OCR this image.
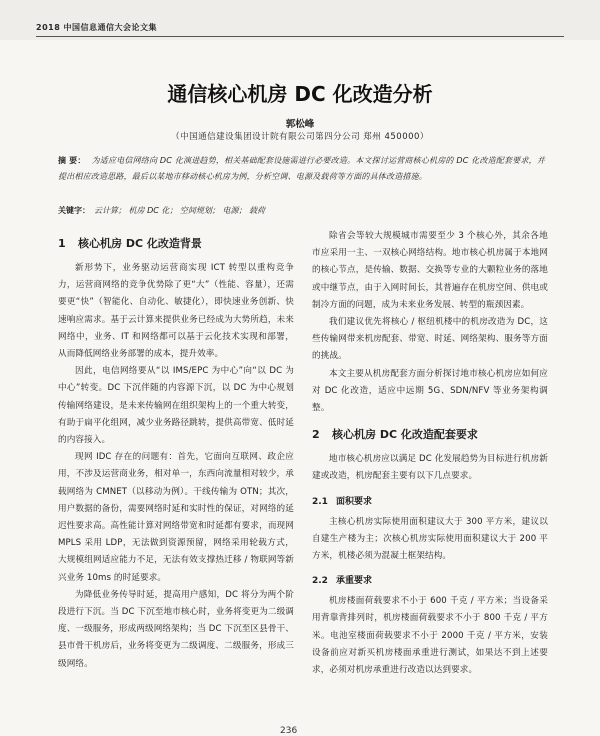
2018 中国信息通信大会论文集
通信核心机房 DC 化改造分析
郭松峰
（中国通信建设集团设计院有限公司第四分公司 郑州 450000）
摘 要： 为适应电信网络向 DC 化演进趋势，相关基础配套设施需进行必要改造。本文探讨运营商核心机房的 DC 化改造配套要求，并提出相应改造思路，最后以某地市移动核心机房为例，分析空调、电源及载荷等方面的具体改造措施。
关键字： 云计算； 机房 DC 化； 空间规划； 电源； 载荷
1 核心机房 DC 化改造背景

新形势下，业务驱动运营商实现 ICT 转型以重构竞争力，运营商网络的竞争优势除了更“大”（性能、容量），还需要更“快”（智能化、自动化、敏捷化），即快速业务创新、快速响应需求。基于云计算来提供业务已经成为大势所趋，未来网络中，业务、IT 和网络都可以基于云化技术实现和部署，从而降低网络业务部署的成本，提升效率。

因此，电信网络要从“以 IMS/EPC 为中心”向“以 DC 为中心”转变。DC 下沉伴随的内容源下沉，以 DC 为中心规划传输网络建设，是未来传输网在组织架构上的一个重大转变，有助于扁平化组网，减少业务路径跳转，提供高带宽、低时延的内容接入。

现网 IDC 存在的问题有：首先，它面向互联网、政企应用，不涉及运营商业务，相对单一，东西向流量相对较少，承载网络为 CMNET（以移动为例）。干线传输为 OTN；其次，用户数据的备份，需要网络时延和实时性的保证，对网络的延迟性要求高。高性能计算对网络带宽和时延都有要求，而现网 MPLS 采用 LDP，无法做到资源预留，网络采用轮载方式，大规模组网适应能力不足，无法有效支撑热迁移 / 物联网等新兴业务 10ms 的时延要求。

为降低业务传导时延，提高用户感知，DC 将分为两个阶段进行下沉。当 DC 下沉至地市核心时，业务将变更为二级调度、一级服务，形成两级网络架构；当 DC 下沉至区县骨干、县市骨干机房后，业务将变更为二级调度、二级服务，形成三级网络。

除省会等较大规模城市需要至少 3 个核心外，其余各地市应采用一主、一双核心网络结构。地市核心机房属于本地网的核心节点，是传输、数据、交换等专业的大颗粒业务的落地或中继节点，由于入网时间长，其普遍存在机房空间、供电或制冷方面的问题，成为未来业务发展、转型的瓶颈因素。

我们建议优先将核心 / 枢纽机楼中的机房改造为 DC，这些传输网带来机房配套、带宽、时延、网络架构、服务等方面的挑战。

本文主要从机房配套方面分析探讨地市核心机房应如何应对 DC 化改造，适应中远期 5G、SDN/NFV 等业务架构调整。

2 核心机房 DC 化改造配套要求

地市核心机房应以满足 DC 化发展趋势为目标进行机房新建或改造，机房配套主要有以下几点要求。

2.1 面积要求

主核心机房实际使用面积建议大于 300 平方米，建议以自建生产楼为主；次核心机房实际使用面积建议大于 200 平方米，机楼必须为混凝土框架结构。

2.2 承重要求

机房楼面荷载要求不小于 600 千克 / 平方米；当设备采用背靠背排列时，机房楼面荷载要求不小于 800 千克 / 平方米。电池室楼面荷载要求不小于 2000 千克 / 平方米，安装设备前应对新买机房楼面承重进行测试，如果达不到上述要求，必须对机房承重进行改造以达到要求。

236
